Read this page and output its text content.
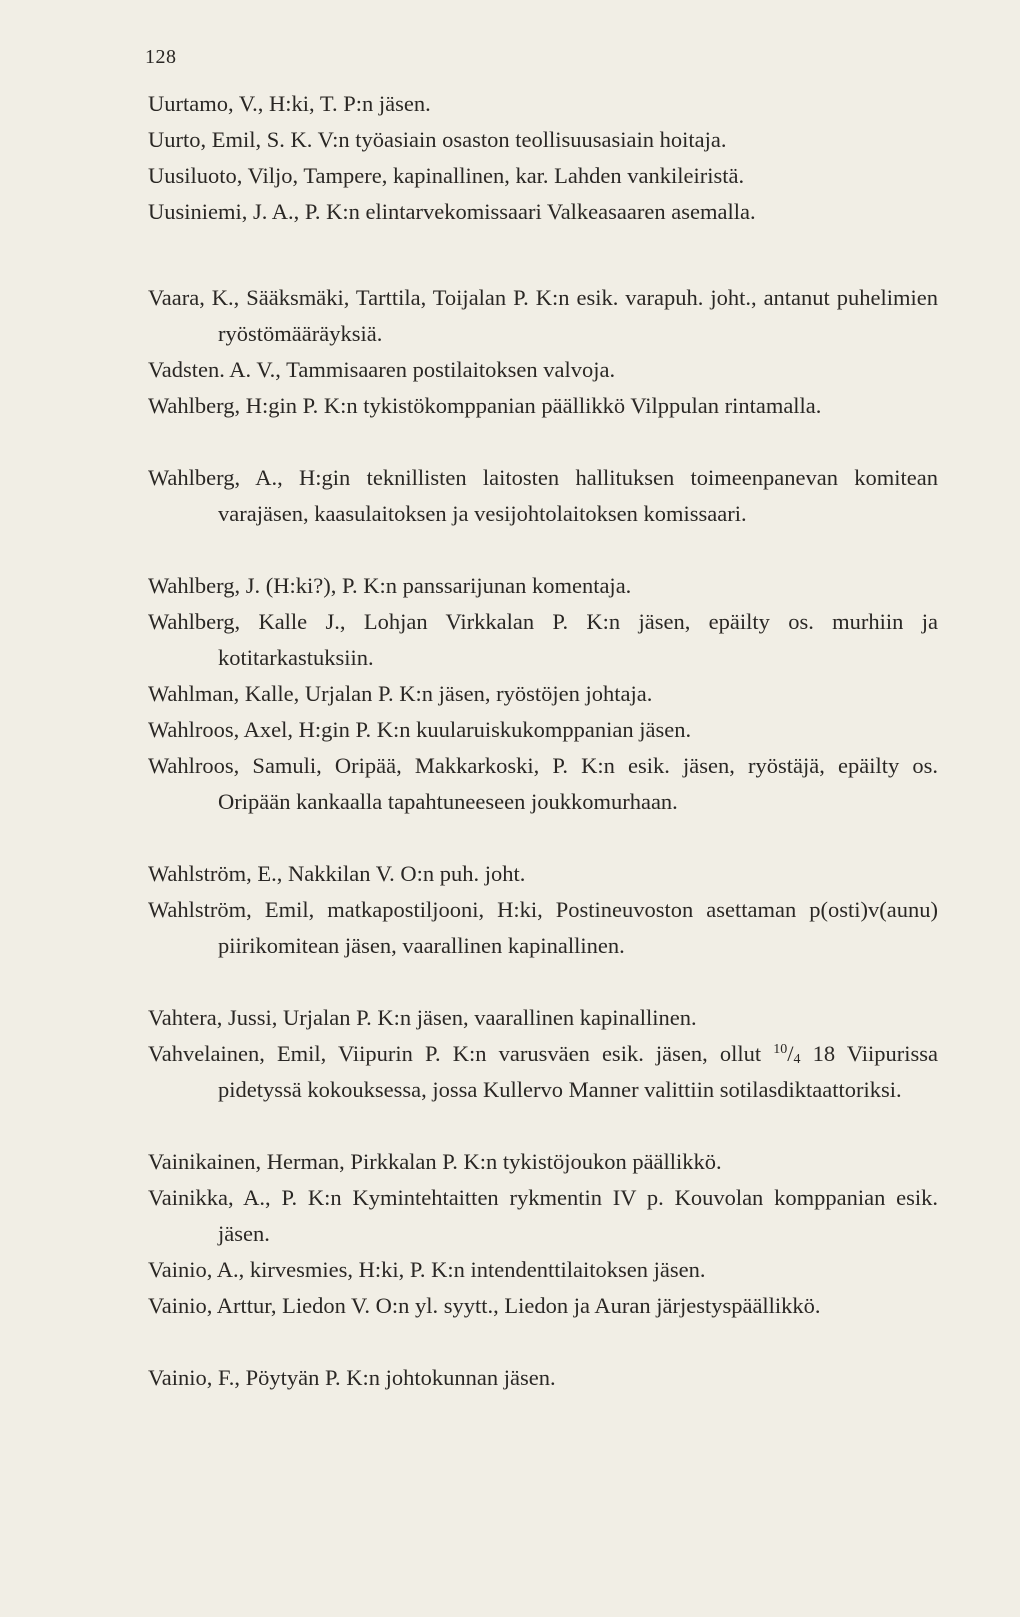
128

Uurtamo, V., H:ki, T. P:n jäsen.

Uurto, Emil, S. K. V:n työasiain osaston teollisuusasiain hoitaja.

Uusiluoto, Viljo, Tampere, kapinallinen, kar. Lahden vankileiristä.

Uusiniemi, J. A., P. K:n elintarvekomissaari Valkeasaaren asemalla.

Vaara, K., Sääksmäki, Tarttila, Toijalan P. K:n esik. varapuh. joht., antanut puhelimien ryöstömääräyksiä.

Vadsten. A. V., Tammisaaren postilaitoksen valvoja.

Wahlberg, H:gin P. K:n tykistökomppanian päällikkö Vilppulan rintamalla.

Wahlberg, A., H:gin teknillisten laitosten hallituksen toimeenpanevan komitean varajäsen, kaasulaitoksen ja vesijohtolaitoksen komissaari.

Wahlberg, J. (H:ki?), P. K:n panssarijunan komentaja.

Wahlberg, Kalle J., Lohjan Virkkalan P. K:n jäsen, epäilty os. murhiin ja kotitarkastuksiin.

Wahlman, Kalle, Urjalan P. K:n jäsen, ryöstöjen johtaja.

Wahlroos, Axel, H:gin P. K:n kuularuiskukomppanian jäsen.

Wahlroos, Samuli, Oripää, Makkarkoski, P. K:n esik. jäsen, ryöstäjä, epäilty os. Oripään kankaalla tapahtuneeseen joukkomurhaan.

Wahlström, E., Nakkilan V. O:n puh. joht.

Wahlström, Emil, matkapostiljooni, H:ki, Postineuvoston asettaman p(osti)v(aunu) piirikomitean jäsen, vaarallinen kapinallinen.

Vahtera, Jussi, Urjalan P. K:n jäsen, vaarallinen kapinallinen.

Vahvelainen, Emil, Viipurin P. K:n varusväen esik. jäsen, ollut $^{10}/_4$ 18 Viipurissa pidetyssä kokouksessa, jossa Kullervo Manner valittiin sotilasdiktaattoriksi.

Vainikainen, Herman, Pirkkalan P. K:n tykistöjoukon päällikkö.

Vainikka, A., P. K:n Kymintehtaitten rykmentin IV p. Kouvolan komppanian esik. jäsen.

Vainio, A., kirvesmies, H:ki, P. K:n intendenttilaitoksen jäsen.

Vainio, Arttur, Liedon V. O:n yl. syytt., Liedon ja Auran järjestyspäällikkö.

Vainio, F., Pöytyän P. K:n johtokunnan jäsen.
